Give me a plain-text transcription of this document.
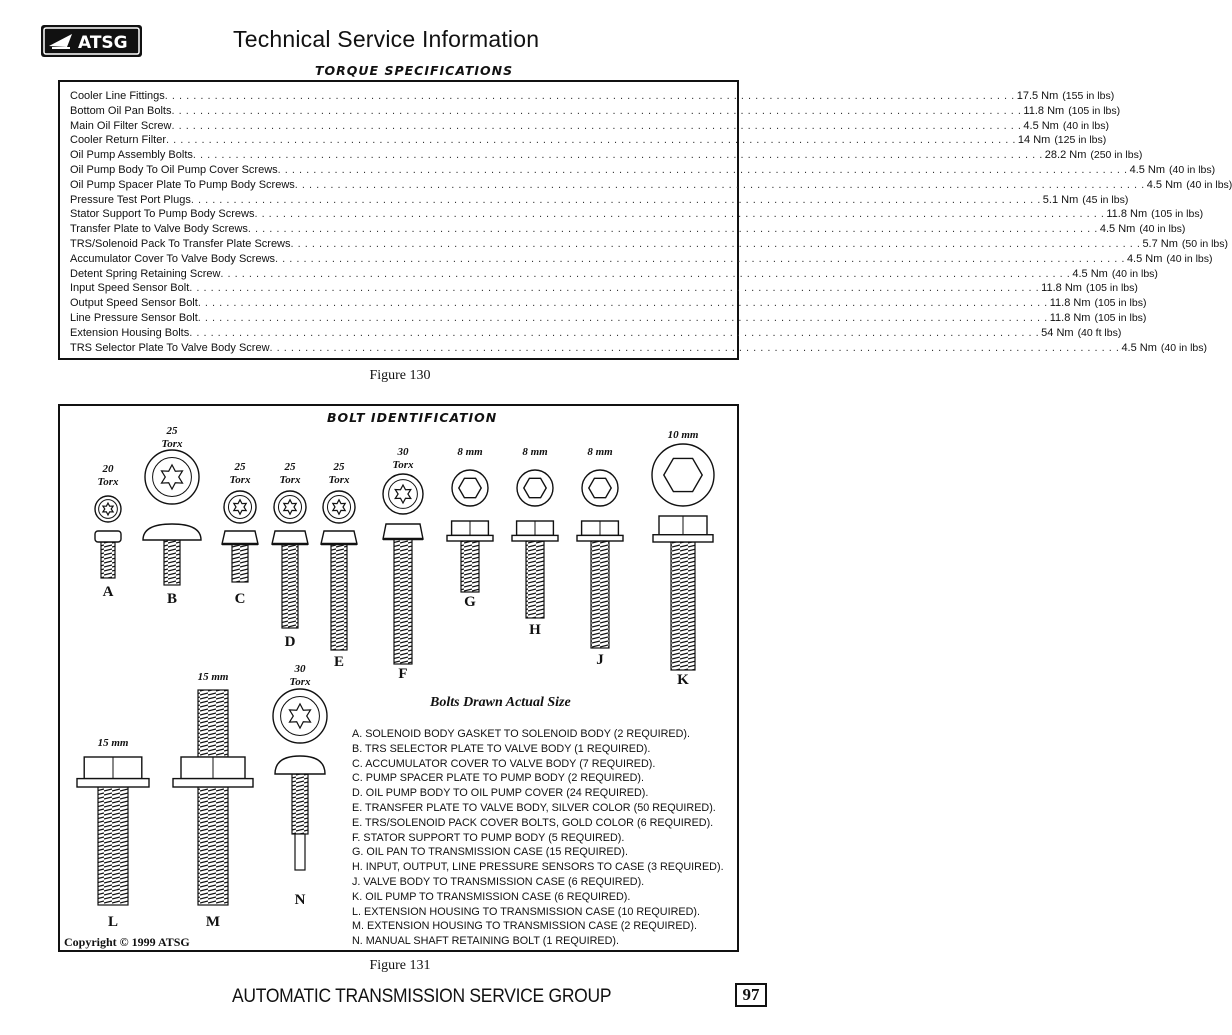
ATSG	Technical Service Information
TORQUE SPECIFICATIONS
Cooler Line Fittings . . . . . . . . . . . . . . . . . . . . . . . . . . . . . . . . . . . . . . . . . . . . . . . . . . . . . . . . . . . . . . . . . . . . . . . . . . . . . . . . . . . . . . . . . . . . . . . . . . . . . . . . . . . . . . . . . . . . . . . . 17.5 Nm (155 in lbs)
Bottom Oil Pan Bolts . . . . . . . . . . . . . . . . . . . . . . . . . . . . . . . . . . . . . . . . . . . . . . . . . . . . . . . . . . . . . . . . . . . . . . . . . . . . . . . . . . . . . . . . . . . . . . . . . . . . . . . . . . . . . . . . . . . . . . . . 11.8 Nm (105 in lbs)
Main Oil Filter Screw . . . . . . . . . . . . . . . . . . . . . . . . . . . . . . . . . . . . . . . . . . . . . . . . . . . . . . . . . . . . . . . . . . . . . . . . . . . . . . . . . . . . . . . . . . . . . . . . . . . . . . . . . . . . . . . . . . . . . . . . 4.5 Nm (40 in lbs)
Cooler Return Filter . . . . . . . . . . . . . . . . . . . . . . . . . . . . . . . . . . . . . . . . . . . . . . . . . . . . . . . . . . . . . . . . . . . . . . . . . . . . . . . . . . . . . . . . . . . . . . . . . . . . . . . . . . . . . . . . . . . . . . . . 14 Nm (125 in lbs)
Oil Pump Assembly Bolts . . . . . . . . . . . . . . . . . . . . . . . . . . . . . . . . . . . . . . . . . . . . . . . . . . . . . . . . . . . . . . . . . . . . . . . . . . . . . . . . . . . . . . . . . . . . . . . . . . . . . . . . . . . . . . . . . . . . . . . . 28.2 Nm (250 in lbs)
Oil Pump Body To Oil Pump Cover Screws . . . . . . . . . . . . . . . . . . . . . . . . . . . . . . . . . . . . . . . . . . . . . . . . . . . . . . . . . . . . . . . . . . . . . . . . . . . . . . . . . . . . . . . . . . . . . . . . . . . . . . . . . . . . . . . . . . . . . . . . 4.5 Nm (40 in lbs)
Oil Pump Spacer Plate To Pump Body Screws . . . . . . . . . . . . . . . . . . . . . . . . . . . . . . . . . . . . . . . . . . . . . . . . . . . . . . . . . . . . . . . . . . . . . . . . . . . . . . . . . . . . . . . . . . . . . . . . . . . . . . . . . . . . . . . . . . . . . . . . 4.5 Nm (40 in lbs)
Pressure Test Port Plugs . . . . . . . . . . . . . . . . . . . . . . . . . . . . . . . . . . . . . . . . . . . . . . . . . . . . . . . . . . . . . . . . . . . . . . . . . . . . . . . . . . . . . . . . . . . . . . . . . . . . . . . . . . . . . . . . . . . . . . . . 5.1 Nm (45 in lbs)
Stator Support To Pump Body Screws . . . . . . . . . . . . . . . . . . . . . . . . . . . . . . . . . . . . . . . . . . . . . . . . . . . . . . . . . . . . . . . . . . . . . . . . . . . . . . . . . . . . . . . . . . . . . . . . . . . . . . . . . . . . . . . . . . . . . . . . 11.8 Nm (105 in lbs)
Transfer Plate to Valve Body Screws . . . . . . . . . . . . . . . . . . . . . . . . . . . . . . . . . . . . . . . . . . . . . . . . . . . . . . . . . . . . . . . . . . . . . . . . . . . . . . . . . . . . . . . . . . . . . . . . . . . . . . . . . . . . . . . . . . . . . . . . 4.5 Nm (40 in lbs)
TRS/Solenoid Pack To Transfer Plate Screws . . . . . . . . . . . . . . . . . . . . . . . . . . . . . . . . . . . . . . . . . . . . . . . . . . . . . . . . . . . . . . . . . . . . . . . . . . . . . . . . . . . . . . . . . . . . . . . . . . . . . . . . . . . . . . . . . . . . . . . . 5.7 Nm (50 in lbs)
Accumulator Cover To Valve Body Screws . . . . . . . . . . . . . . . . . . . . . . . . . . . . . . . . . . . . . . . . . . . . . . . . . . . . . . . . . . . . . . . . . . . . . . . . . . . . . . . . . . . . . . . . . . . . . . . . . . . . . . . . . . . . . . . . . . . . . . . . 4.5 Nm (40 in lbs)
Detent Spring Retaining Screw . . . . . . . . . . . . . . . . . . . . . . . . . . . . . . . . . . . . . . . . . . . . . . . . . . . . . . . . . . . . . . . . . . . . . . . . . . . . . . . . . . . . . . . . . . . . . . . . . . . . . . . . . . . . . . . . . . . . . . . . 4.5 Nm (40 in lbs)
Input Speed Sensor Bolt . . . . . . . . . . . . . . . . . . . . . . . . . . . . . . . . . . . . . . . . . . . . . . . . . . . . . . . . . . . . . . . . . . . . . . . . . . . . . . . . . . . . . . . . . . . . . . . . . . . . . . . . . . . . . . . . . . . . . . . . 11.8 Nm (105 in lbs)
Output Speed Sensor Bolt . . . . . . . . . . . . . . . . . . . . . . . . . . . . . . . . . . . . . . . . . . . . . . . . . . . . . . . . . . . . . . . . . . . . . . . . . . . . . . . . . . . . . . . . . . . . . . . . . . . . . . . . . . . . . . . . . . . . . . . . 11.8 Nm (105 in lbs)
Line Pressure Sensor Bolt . . . . . . . . . . . . . . . . . . . . . . . . . . . . . . . . . . . . . . . . . . . . . . . . . . . . . . . . . . . . . . . . . . . . . . . . . . . . . . . . . . . . . . . . . . . . . . . . . . . . . . . . . . . . . . . . . . . . . . . . 11.8 Nm (105 in lbs)
Extension Housing Bolts . . . . . . . . . . . . . . . . . . . . . . . . . . . . . . . . . . . . . . . . . . . . . . . . . . . . . . . . . . . . . . . . . . . . . . . . . . . . . . . . . . . . . . . . . . . . . . . . . . . . . . . . . . . . . . . . . . . . . . . . 54 Nm (40 ft lbs)
TRS Selector Plate To Valve Body Screw . . . . . . . . . . . . . . . . . . . . . . . . . . . . . . . . . . . . . . . . . . . . . . . . . . . . . . . . . . . . . . . . . . . . . . . . . . . . . . . . . . . . . . . . . . . . . . . . . . . . . . . . . . . . . . . . . . . . . . . . 4.5 Nm (40 in lbs)
Figure 130
BOLT IDENTIFICATION
20
Torx
A
25
Torx
B
25
Torx
C
25
Torx
D
25
Torx
E
30
Torx
F
8 mm
G
8 mm
H
8 mm
J
10 mm
K
15 mm
L
15 mm
M
30
Torx
N
Bolts Drawn Actual Size
A. SOLENOID BODY GASKET TO SOLENOID BODY (2 REQUIRED).
B. TRS SELECTOR PLATE TO VALVE BODY (1 REQUIRED).
C. ACCUMULATOR COVER TO VALVE BODY (7 REQUIRED).
C. PUMP SPACER PLATE TO PUMP BODY (2 REQUIRED).
D. OIL PUMP BODY TO OIL PUMP COVER (24 REQUIRED).
E. TRANSFER PLATE TO VALVE BODY, SILVER COLOR (50 REQUIRED).
E. TRS/SOLENOID PACK COVER BOLTS, GOLD COLOR (6 REQUIRED).
F. STATOR SUPPORT TO PUMP BODY (5 REQUIRED).
G. OIL PAN TO TRANSMISSION CASE (15 REQUIRED).
H. INPUT, OUTPUT, LINE PRESSURE SENSORS TO CASE (3 REQUIRED).
J. VALVE BODY TO TRANSMISSION CASE (6 REQUIRED).
K. OIL PUMP TO TRANSMISSION CASE (6 REQUIRED).
L. EXTENSION HOUSING TO TRANSMISSION CASE (10 REQUIRED).
M. EXTENSION HOUSING TO TRANSMISSION CASE (2 REQUIRED).
N. MANUAL SHAFT RETAINING BOLT (1 REQUIRED).
Copyright © 1999 ATSG
Figure 131
AUTOMATIC TRANSMISSION SERVICE GROUP	97
